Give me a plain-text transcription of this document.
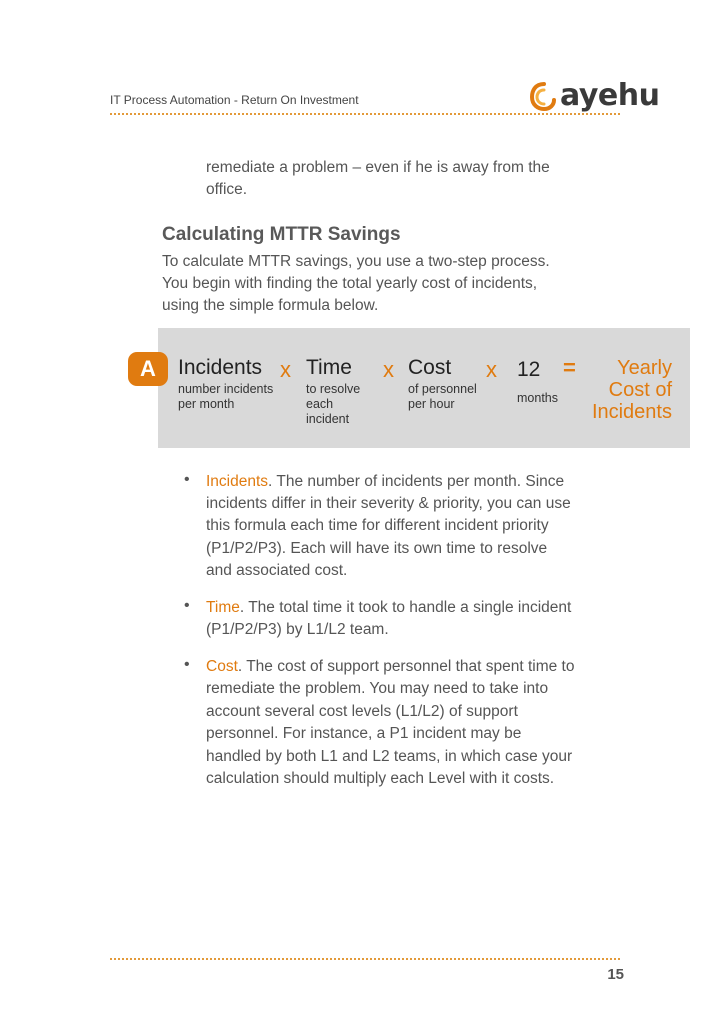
IT Process Automation - Return On Investment	ayehu
remediate a problem – even if he is away from the
office.
Calculating MTTR Savings
To calculate MTTR savings, you use a two-step process.
You begin with finding the total yearly cost of incidents,
using the simple formula below.
A	Incidents
number incidents
per month
x Time
to resolve
each
incident
x Cost
of personnel
per hour
x 12
months
=	Yearly
Cost of
Incidents
• Incidents. The number of incidents per month. Since
incidents differ in their severity & priority, you can use
this formula each time for different incident priority
(P1/P2/P3). Each will have its own time to resolve
and associated cost.
• Time. The total time it took to handle a single incident
(P1/P2/P3) by L1/L2 team.
• Cost. The cost of support personnel that spent time to
remediate the problem. You may need to take into
account several cost levels (L1/L2) of support
personnel. For instance, a P1 incident may be
handled by both L1 and L2 teams, in which case your
calculation should multiply each Level with it costs.
15
